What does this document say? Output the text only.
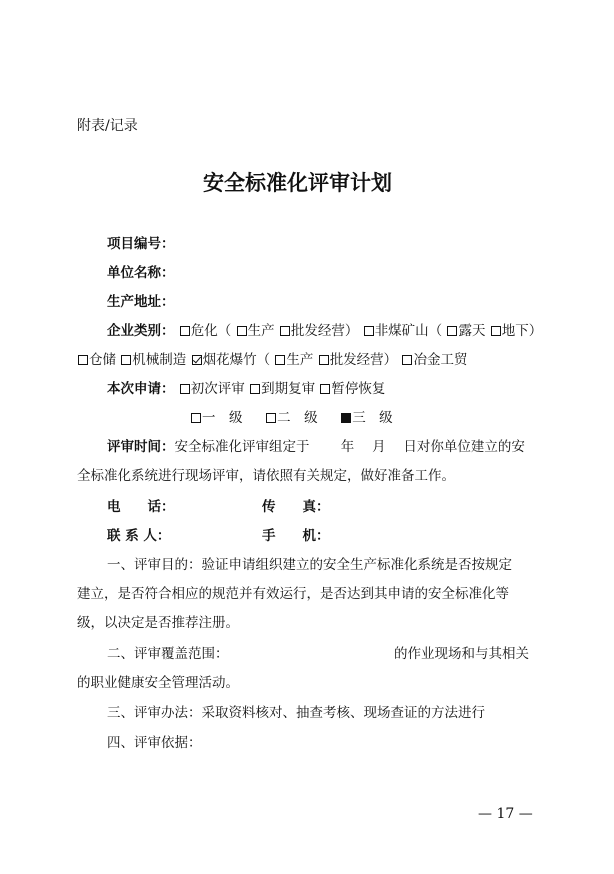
附表/记录
安全标准化评审计划
项目编号：
单位名称：
生产地址：
企业类别： 危化（ 生产 批发经营） 非煤矿山（ 露天 地下）
仓储 机械制造 烟花爆竹（ 生产 批发经营） 冶金工贸
本次申请： 初次评审 到期复审 暂停恢复
一　级	二　级	三　级
评审时间：安全标准化评审组定于　　 年　 月　 日对你单位建立的安
全标准化系统进行现场评审，请依照有关规定，做好准备工作。
电　　话：	传　　真：
联 系 人：	手　　机：
一、评审目的：验证申请组织建立的安全生产标准化系统是否按规定
建立，是否符合相应的规范并有效运行，是否达到其申请的安全标准化等
级，以决定是否推荐注册。
二、评审覆盖范围：	的作业现场和与其相关
的职业健康安全管理活动。
三、评审办法：采取资料核对、抽查考核、现场查证的方法进行
四、评审依据：
— 17 —
